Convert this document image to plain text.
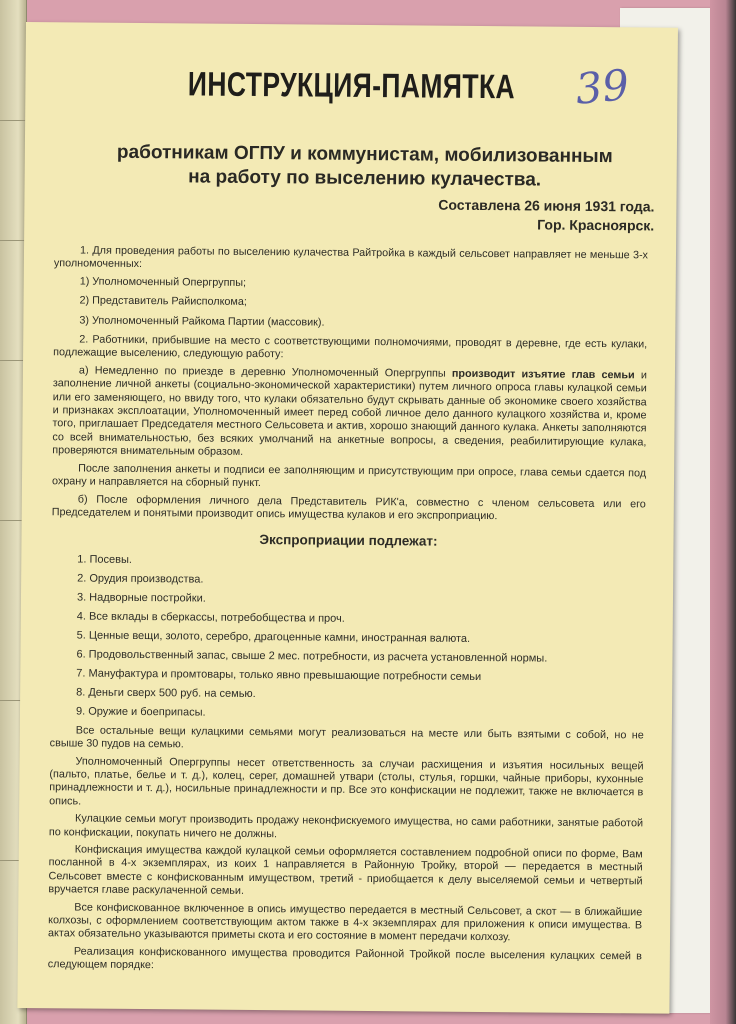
ИНСТРУКЦИЯ-ПАМЯТКА	39
работникам ОГПУ и коммунистам, мобилизованным
на работу по выселению кулачества.
Составлена 26 июня 1931 года.
Гор. Красноярск.

1. Для проведения работы по выселению кулачества Райтройка в каждый сельсовет направляет не меньше 3-х уполномоченных:

1) Уполномоченный Опергруппы;

2) Представитель Райисполкома;

3) Уполномоченный Райкома Партии (массовик).

2. Работники, прибывшие на место с соответствующими полномочиями, проводят в деревне, где есть кулаки, подлежащие выселению, следующую работу:

а) Немедленно по приезде в деревню Уполномоченный Опергруппы производит изъятие глав семьи и заполнение личной анкеты (социально-экономической характеристики) путем личного опроса главы кулацкой семьи или его заменяющего, но ввиду того, что кулаки обязательно будут скрывать данные об экономике своего хозяйства и признаках эксплоатации, Уполномоченный имеет перед собой личное дело данного кулацкого хозяйства и, кроме того, приглашает Председателя местного Сельсовета и актив, хорошо знающий данного кулака. Анкеты заполняются со всей внимательностью, без всяких умолчаний на анкетные вопросы, а сведения, реабилитирующие кулака, проверяются внимательным образом.

После заполнения анкеты и подписи ее заполняющим и присутствующим при опросе, глава семьи сдается под охрану и направляется на сборный пункт.

б) После оформления личного дела Представитель РИК'а, совместно с членом сельсовета или его Председателем и понятыми производит опись имущества кулаков и его экспроприацию.

Экспроприации подлежат:
1. Посевы.
2. Орудия производства.
3. Надворные постройки.
4. Все вклады в сберкассы, потребобщества и проч.
5. Ценные вещи, золото, серебро, драгоценные камни, иностранная валюта.
6. Продовольственный запас, свыше 2 мес. потребности, из расчета установленной нормы.
7. Мануфактура и промтовары, только явно превышающие потребности семьи
8. Деньги сверх 500 руб. на семью.
9. Оружие и боеприпасы.

Все остальные вещи кулацкими семьями могут реализоваться на месте или быть взятыми с собой, но не свыше 30 пудов на семью.

Уполномоченный Опергруппы несет ответственность за случаи расхищения и изъятия носильных вещей (пальто, платье, белье и т. д.), колец, серег, домашней утвари (столы, стулья, горшки, чайные приборы, кухонные принадлежности и т. д.), носильные принадлежности и пр. Все это конфискации не подлежит, также не включается в опись.

Кулацкие семьи могут производить продажу неконфискуемого имущества, но сами работники, занятые работой по конфискации, покупать ничего не должны.

Конфискация имущества каждой кулацкой семьи оформляется составлением подробной описи по форме, Вам посланной в 4-х экземплярах, из коих 1 направляется в Районную Тройку, второй — передается в местный Сельсовет вместе с конфискованным имуществом, третий - приобщается к делу выселяемой семьи и четвертый вручается главе раскулаченной семьи.

Все конфискованное включенное в опись имущество передается в местный Сельсовет, а скот — в ближайшие колхозы, с оформлением соответствующим актом также в 4-х экземплярах для приложения к описи имущества. В актах обязательно указываются приметы скота и его состояние в момент передачи колхозу.

Реализация конфискованного имущества проводится Районной Тройкой после выселения кулацких семей в следующем порядке:
